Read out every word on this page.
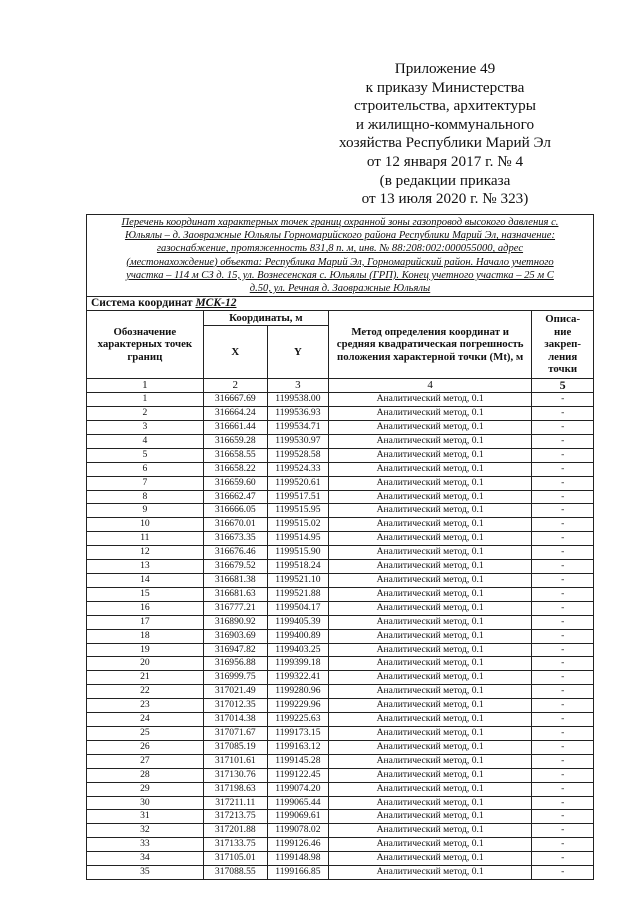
Приложение 49
к приказу Министерства
строительства, архитектуры
и жилищно-коммунального
хозяйства Республики Марий Эл
от 12 января 2017 г. № 4
(в редакции приказа
от 13 июля 2020 г. № 323)
Перечень координат характерных точек границ охранной зоны газопровод высокого давления с.
Юльялы – д. Заовражные Юльялы Горномарийского района Республики Марий Эл, назначение:
газоснабжение, протяженность 831,8 п. м, инв. № 88:208:002:000055000, адрес
(местонахождение) объекта: Республика Марий Эл, Горномарийский район. Начало учетного
участка – 114 м СЗ д. 15, ул. Вознесенская с. Юльялы (ГРП). Конец учетного участка – 25 м С
д.50, ул. Речная д. Заовражные Юльялы
Система координат МСК-12
Обозначение характерных точек границ	Координаты, м		Метод определения координат и средняя квадратическая погрешность положения характерной точки (Mt), м	Описа-ние закреп-ления точки
	X	Y		
1	2	3	4	5
1	316667.69	1199538.00	Аналитический метод, 0.1	-
2	316664.24	1199536.93	Аналитический метод, 0.1	-
3	316661.44	1199534.71	Аналитический метод, 0.1	-
4	316659.28	1199530.97	Аналитический метод, 0.1	-
5	316658.55	1199528.58	Аналитический метод, 0.1	-
6	316658.22	1199524.33	Аналитический метод, 0.1	-
7	316659.60	1199520.61	Аналитический метод, 0.1	-
8	316662.47	1199517.51	Аналитический метод, 0.1	-
9	316666.05	1199515.95	Аналитический метод, 0.1	-
10	316670.01	1199515.02	Аналитический метод, 0.1	-
11	316673.35	1199514.95	Аналитический метод, 0.1	-
12	316676.46	1199515.90	Аналитический метод, 0.1	-
13	316679.52	1199518.24	Аналитический метод, 0.1	-
14	316681.38	1199521.10	Аналитический метод, 0.1	-
15	316681.63	1199521.88	Аналитический метод, 0.1	-
16	316777.21	1199504.17	Аналитический метод, 0.1	-
17	316890.92	1199405.39	Аналитический метод, 0.1	-
18	316903.69	1199400.89	Аналитический метод, 0.1	-
19	316947.82	1199403.25	Аналитический метод, 0.1	-
20	316956.88	1199399.18	Аналитический метод, 0.1	-
21	316999.75	1199322.41	Аналитический метод, 0.1	-
22	317021.49	1199280.96	Аналитический метод, 0.1	-
23	317012.35	1199229.96	Аналитический метод, 0.1	-
24	317014.38	1199225.63	Аналитический метод, 0.1	-
25	317071.67	1199173.15	Аналитический метод, 0.1	-
26	317085.19	1199163.12	Аналитический метод, 0.1	-
27	317101.61	1199145.28	Аналитический метод, 0.1	-
28	317130.76	1199122.45	Аналитический метод, 0.1	-
29	317198.63	1199074.20	Аналитический метод, 0.1	-
30	317211.11	1199065.44	Аналитический метод, 0.1	-
31	317213.75	1199069.61	Аналитический метод, 0.1	-
32	317201.88	1199078.02	Аналитический метод, 0.1	-
33	317133.75	1199126.46	Аналитический метод, 0.1	-
34	317105.01	1199148.98	Аналитический метод, 0.1	-
35	317088.55	1199166.85	Аналитический метод, 0.1	-
